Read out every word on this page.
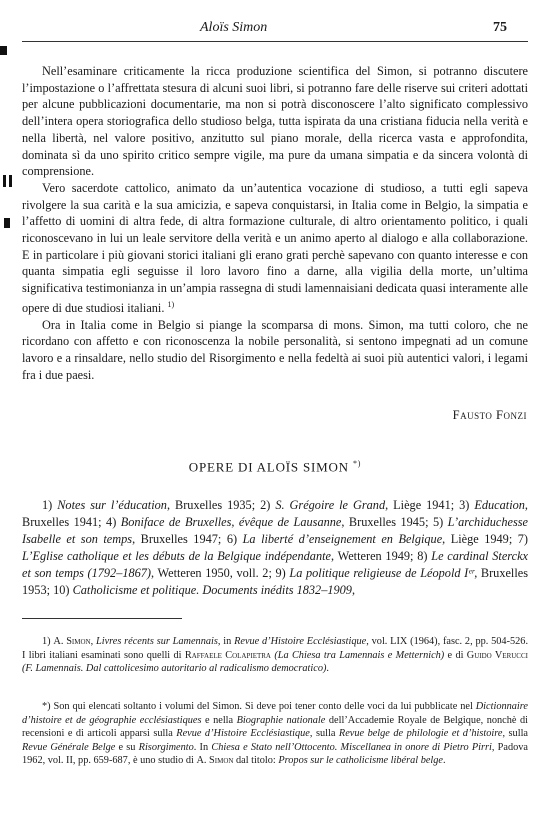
Aloïs Simon	75

Nell’esaminare criticamente la ricca produzione scientifica del Simon, si potranno discutere l’impostazione o l’affrettata stesura di alcuni suoi libri, si potranno fare delle riserve sui criteri adottati per alcune pubblicazioni documentarie, ma non si potrà disconoscere l’alto significato complessivo dell’intera opera storiografica dello studioso belga, tutta ispirata da una cristiana fiducia nella verità e nella libertà, nel valore positivo, anzitutto sul piano morale, della ricerca vasta e approfondita, dominata sì da uno spirito critico sempre vigile, ma pure da umana simpatia e da sincera volontà di comprensione.

Vero sacerdote cattolico, animato da un’autentica vocazione di studioso, a tutti egli sapeva rivolgere la sua carità e la sua amicizia, e sapeva conquistarsi, in Italia come in Belgio, la simpatia e l’affetto di uomini di altra fede, di altra formazione culturale, di altro orientamento politico, i quali riconoscevano in lui un leale servitore della verità e un animo aperto al dialogo e alla collaborazione. E in particolare i più giovani storici italiani gli erano grati perchè sapevano con quanto interesse e con quanta simpatia egli seguisse il loro lavoro fino a darne, alla vigilia della morte, un’ultima significativa testimonianza in un’ampia rassegna di studi lamennaisiani dedicata quasi interamente alle opere di due studiosi italiani. $^{1)}$

Ora in Italia come in Belgio si piange la scomparsa di mons. Simon, ma tutti coloro, che ne ricordano con affetto e con riconoscenza la nobile personalità, si sentono impegnati ad un comune lavoro e a rinsaldare, nello studio del Risorgimento e nella fedeltà ai suoi più autentici valori, i legami fra i due paesi.

Fausto Fonzi
OPERE DI ALOÏS SIMON *)

1) Notes sur l’éducation, Bruxelles 1935; 2) S. Grégoire le Grand, Liège 1941; 3) Education, Bruxelles 1941; 4) Boniface de Bruxelles, évêque de Lausanne, Bruxelles 1945; 5) L’archiduchesse Isabelle et son temps, Bruxelles 1947; 6) La liberté d’enseignement en Belgique, Liège 1949; 7) L’Eglise catholique et les débuts de la Belgique indépendante, Wetteren 1949; 8) Le cardinal Sterckx et son temps (1792–1867), Wetteren 1950, voll. 2; 9) La politique religieuse de Léopold Iᵉʳ, Bruxelles 1953; 10) Catholicisme et politique. Documents inédits 1832–1909,

1) A. Simon, Livres récents sur Lamennais, in Revue d’Histoire Ecclésiastique, vol. LIX (1964), fasc. 2, pp. 504-526. I libri italiani esaminati sono quelli di Raffaele Colapietra (La Chiesa tra Lamennais e Metternich) e di Guido Verucci (F. Lamennais. Dal cattolicesimo autoritario al radicalismo democratico).

*) Son qui elencati soltanto i volumi del Simon. Si deve poi tener conto delle voci da lui pubblicate nel Dictionnaire d’histoire et de géographie ecclésiastiques e nella Biographie nationale dell’Accademie Royale de Belgique, nonchè di recensioni e di articoli apparsi sulla Revue d’Histoire Ecclésiastique, sulla Revue belge de philologie et d’histoire, sulla Revue Générale Belge e su Risorgimento. In Chiesa e Stato nell’Ottocento. Miscellanea in onore di Pietro Pirri, Padova 1962, vol. II, pp. 659-687, è uno studio di A. Simon dal titolo: Propos sur le catholicisme libéral belge.
